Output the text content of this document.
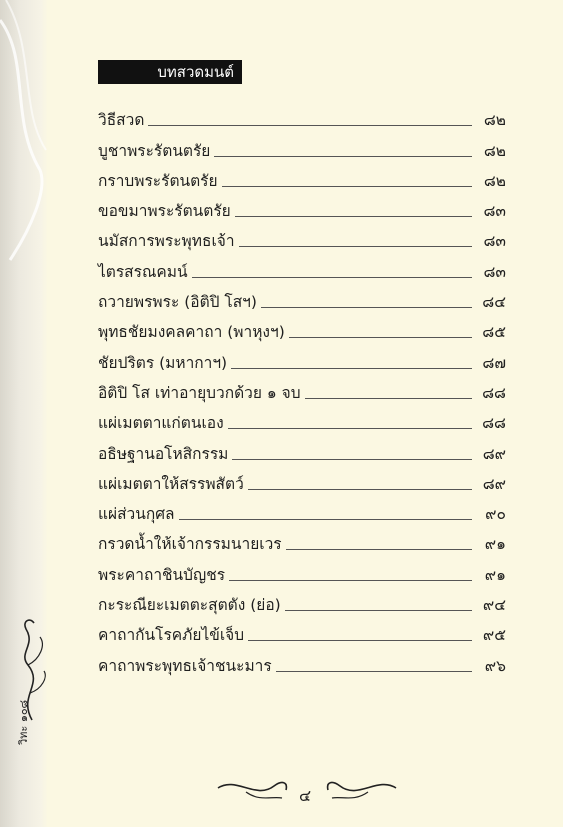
บทสวดมนต์
วิธีสวด	๘๒
บูชาพระรัตนตรัย	๘๒
กราบพระรัตนตรัย	๘๒
ขอขมาพระรัตนตรัย	๘๓
นมัสการพระพุทธเจ้า	๘๓
ไตรสรณคมน์	๘๓
ถวายพรพระ (อิติปิ โสฯ)	๘๔
พุทธชัยมงคลคาถา (พาหุงฯ)	๘๕
ชัยปริตร (มหากาฯ)	๘๗
อิติปิ โส เท่าอายุบวกด้วย ๑ จบ	๘๘
แผ่เมตตาแก่ตนเอง	๘๘
อธิษฐานอโหสิกรรม	๘๙
แผ่เมตตาให้สรรพสัตว์	๘๙
แผ่ส่วนกุศล	๙๐
กรวดน้ำให้เจ้ากรรมนายเวร	๙๑
พระคาถาชินบัญชร	๙๑
กะระณียะเมตตะสุตตัง (ย่อ)	๙๔
คาถากันโรคภัยไข้เจ็บ	๙๕
คาถาพระพุทธเจ้าชนะมาร	๙๖
วิทะ ๑๐๘
๔
